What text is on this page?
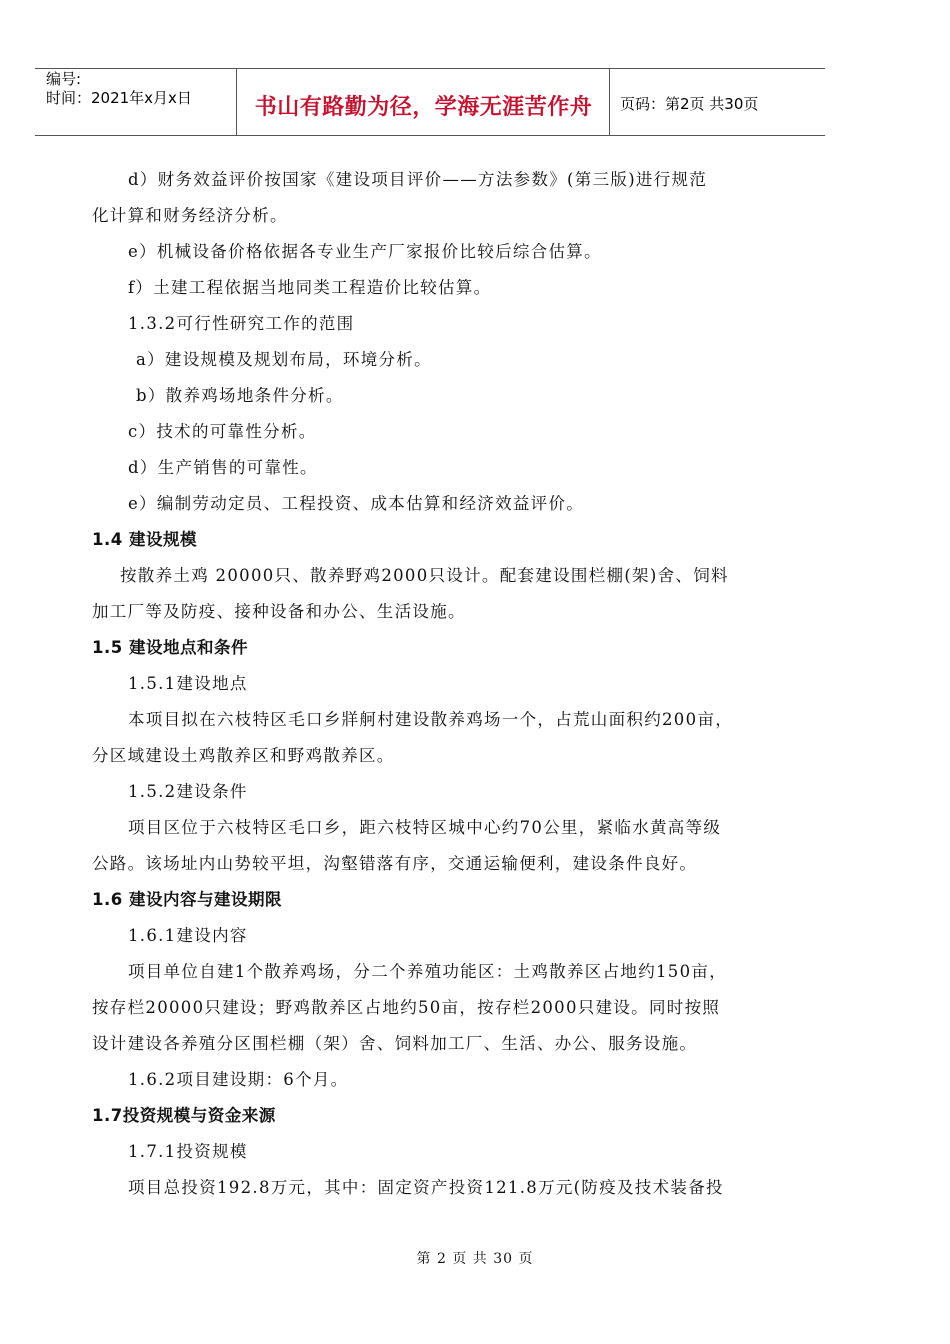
编号:
时间：2021年x月x日	书山有路勤为径，学海无涯苦作舟	页码：第2页 共30页
d）财务效益评价按国家《建设项目评价——方法参数》(第三版)进行规范
化计算和财务经济分析。
e）机械设备价格依据各专业生产厂家报价比较后综合估算。
f）土建工程依据当地同类工程造价比较估算。
1.3.2可行性研究工作的范围
a）建设规模及规划布局，环境分析。
b）散养鸡场地条件分析。
c）技术的可靠性分析。
d）生产销售的可靠性。
e）编制劳动定员、工程投资、成本估算和经济效益评价。
1.4 建设规模
按散养土鸡 20000只、散养野鸡2000只设计。配套建设围栏棚(架)舍、饲料
加工厂等及防疫、接种设备和办公、生活设施。
1.5 建设地点和条件
1.5.1建设地点
本项目拟在六枝特区毛口乡牂舸村建设散养鸡场一个，占荒山面积约200亩，
分区域建设土鸡散养区和野鸡散养区。
1.5.2建设条件
项目区位于六枝特区毛口乡，距六枝特区城中心约70公里，紧临水黄高等级
公路。该场址内山势较平坦，沟壑错落有序，交通运输便利，建设条件良好。
1.6 建设内容与建设期限
1.6.1建设内容
项目单位自建1个散养鸡场，分二个养殖功能区：土鸡散养区占地约150亩，
按存栏20000只建设；野鸡散养区占地约50亩，按存栏2000只建设。同时按照
设计建设各养殖分区围栏棚（架）舍、饲料加工厂、生活、办公、服务设施。
1.6.2项目建设期：6个月。
1.7投资规模与资金来源
1.7.1投资规模
项目总投资192.8万元，其中：固定资产投资121.8万元(防疫及技术装备投
第 2 页 共 30 页
